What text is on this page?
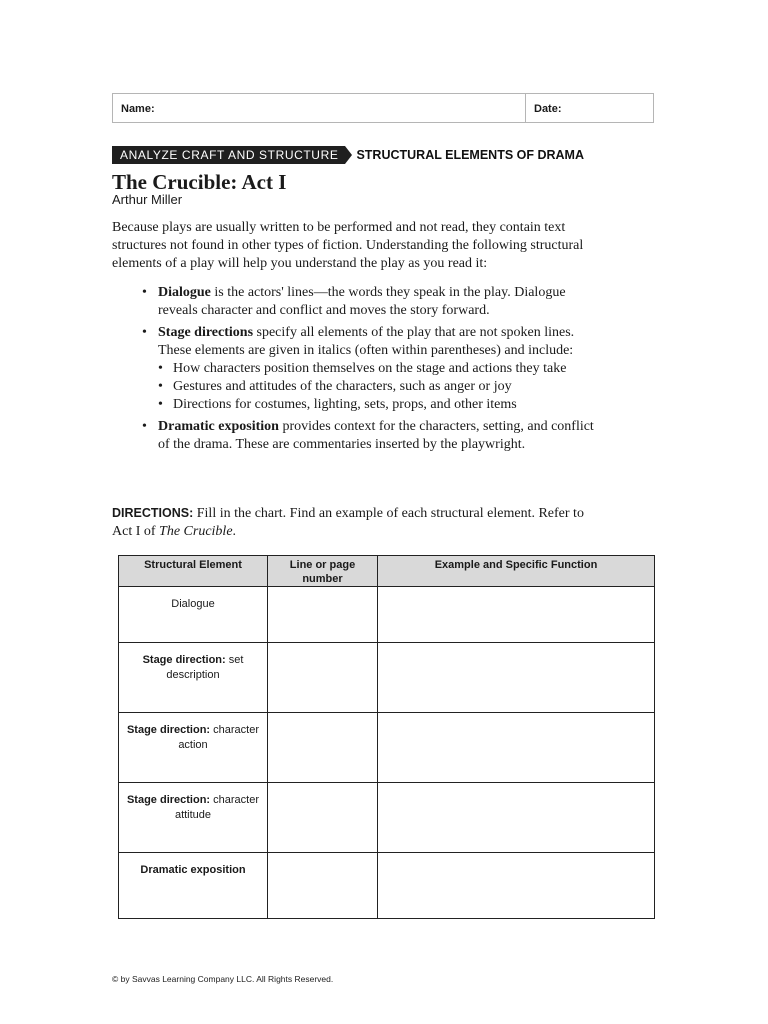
Name:	Date:
ANALYZE CRAFT AND STRUCTURE	STRUCTURAL ELEMENTS OF DRAMA
The Crucible: Act I
Arthur Miller

Because plays are usually written to be performed and not read, they contain text structures not found in other types of fiction. Understanding the following structural elements of a play will help you understand the play as you read it:

• Dialogue is the actors' lines—the words they speak in the play. Dialogue reveals character and conflict and moves the story forward.
• Stage directions specify all elements of the play that are not spoken lines. These elements are given in italics (often within parentheses) and include:
• How characters position themselves on the stage and actions they take
• Gestures and attitudes of the characters, such as anger or joy
• Directions for costumes, lighting, sets, props, and other items
• Dramatic exposition provides context for the characters, setting, and conflict of the drama. These are commentaries inserted by the playwright.

DIRECTIONS: Fill in the chart. Find an example of each structural element. Refer to Act I of The Crucible.

Structural Element	Line or page number	Example and Specific Function
Dialogue		
Stage direction: set description		
Stage direction: character action		
Stage direction: character attitude		
Dramatic exposition		
© by Savvas Learning Company LLC. All Rights Reserved.
